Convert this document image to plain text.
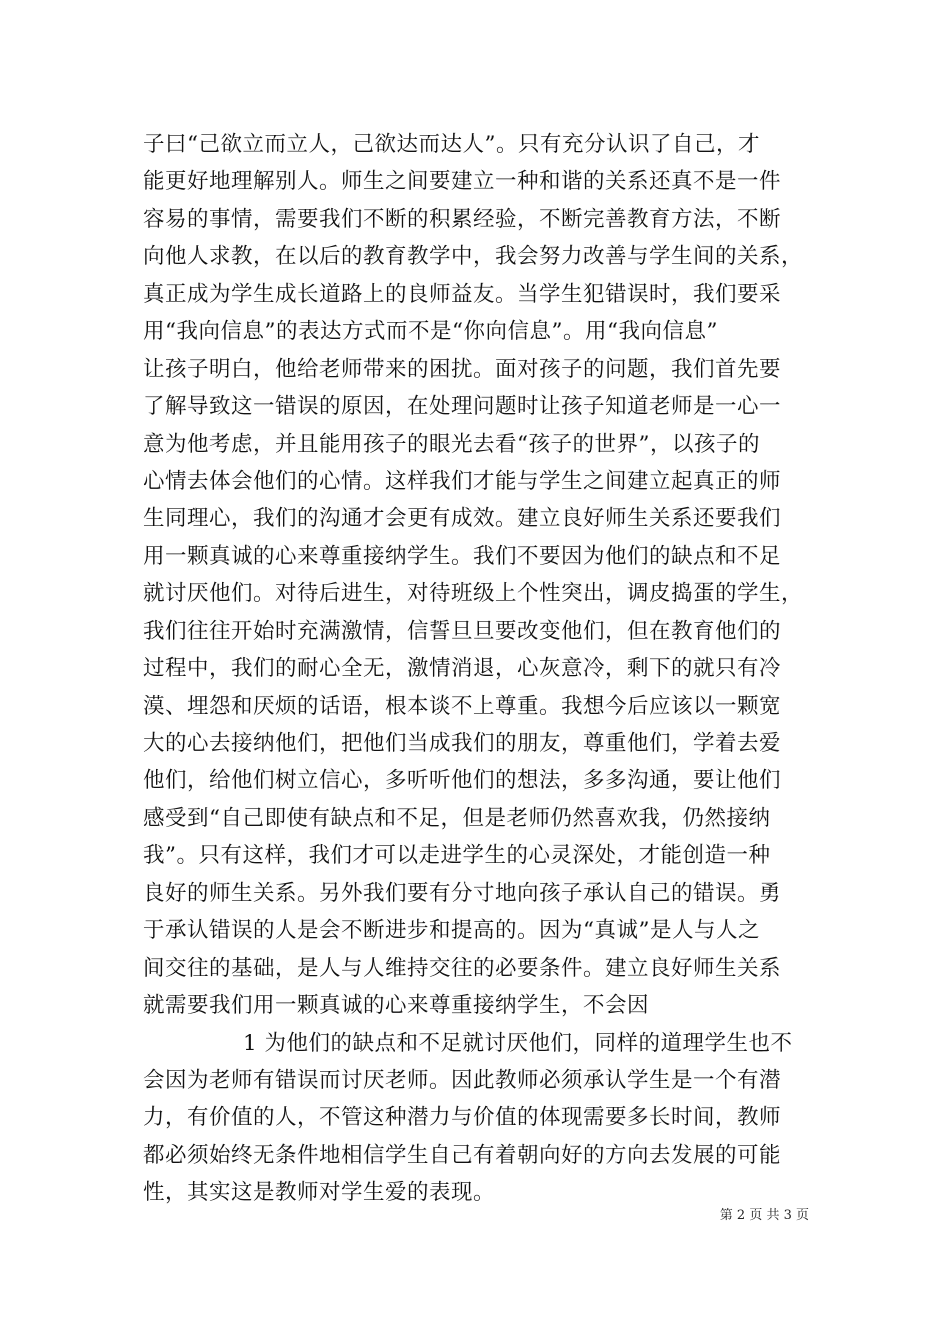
子曰“己欲立而立人，己欲达而达人”。只有充分认识了自己，才
能更好地理解别人。师生之间要建立一种和谐的关系还真不是一件
容易的事情，需要我们不断的积累经验，不断完善教育方法，不断
向他人求教，在以后的教育教学中，我会努力改善与学生间的关系，
真正成为学生成长道路上的良师益友。当学生犯错误时，我们要采
用“我向信息”的表达方式而不是“你向信息”。用“我向信息”
让孩子明白，他给老师带来的困扰。面对孩子的问题，我们首先要
了解导致这一错误的原因，在处理问题时让孩子知道老师是一心一
意为他考虑，并且能用孩子的眼光去看“孩子的世界”，以孩子的
心情去体会他们的心情。这样我们才能与学生之间建立起真正的师
生同理心，我们的沟通才会更有成效。建立良好师生关系还要我们
用一颗真诚的心来尊重接纳学生。我们不要因为他们的缺点和不足
就讨厌他们。对待后进生，对待班级上个性突出，调皮捣蛋的学生，
我们往往开始时充满激情，信誓旦旦要改变他们，但在教育他们的
过程中，我们的耐心全无，激情消退，心灰意冷，剩下的就只有冷
漠、埋怨和厌烦的话语，根本谈不上尊重。我想今后应该以一颗宽
大的心去接纳他们，把他们当成我们的朋友，尊重他们，学着去爱
他们，给他们树立信心，多听听他们的想法，多多沟通，要让他们
感受到“自己即使有缺点和不足，但是老师仍然喜欢我，仍然接纳
我”。只有这样，我们才可以走进学生的心灵深处，才能创造一种
良好的师生关系。另外我们要有分寸地向孩子承认自己的错误。勇
于承认错误的人是会不断进步和提高的。因为“真诚”是人与人之
间交往的基础，是人与人维持交往的必要条件。建立良好师生关系
就需要我们用一颗真诚的心来尊重接纳学生，不会因
1 为他们的缺点和不足就讨厌他们，同样的道理学生也不
会因为老师有错误而讨厌老师。因此教师必须承认学生是一个有潜
力，有价值的人，不管这种潜力与价值的体现需要多长时间，教师
都必须始终无条件地相信学生自己有着朝向好的方向去发展的可能
性，其实这是教师对学生爱的表现。
第 2 页 共 3 页
